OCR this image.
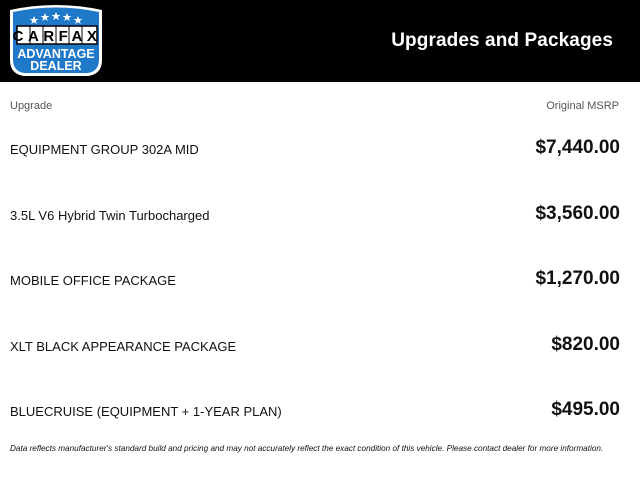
CARFAX
ADVANTAGE
DEALER
Upgrades and Packages
Upgrade	Original MSRP
EQUIPMENT GROUP 302A MID	$7,440.00
3.5L V6 Hybrid Twin Turbocharged	$3,560.00
MOBILE OFFICE PACKAGE	$1,270.00
XLT BLACK APPEARANCE PACKAGE	$820.00
BLUECRUISE (EQUIPMENT + 1-YEAR PLAN)	$495.00
Data reflects manufacturer's standard build and pricing and may not accurately reflect the exact condition of this vehicle. Please contact dealer for more information.
